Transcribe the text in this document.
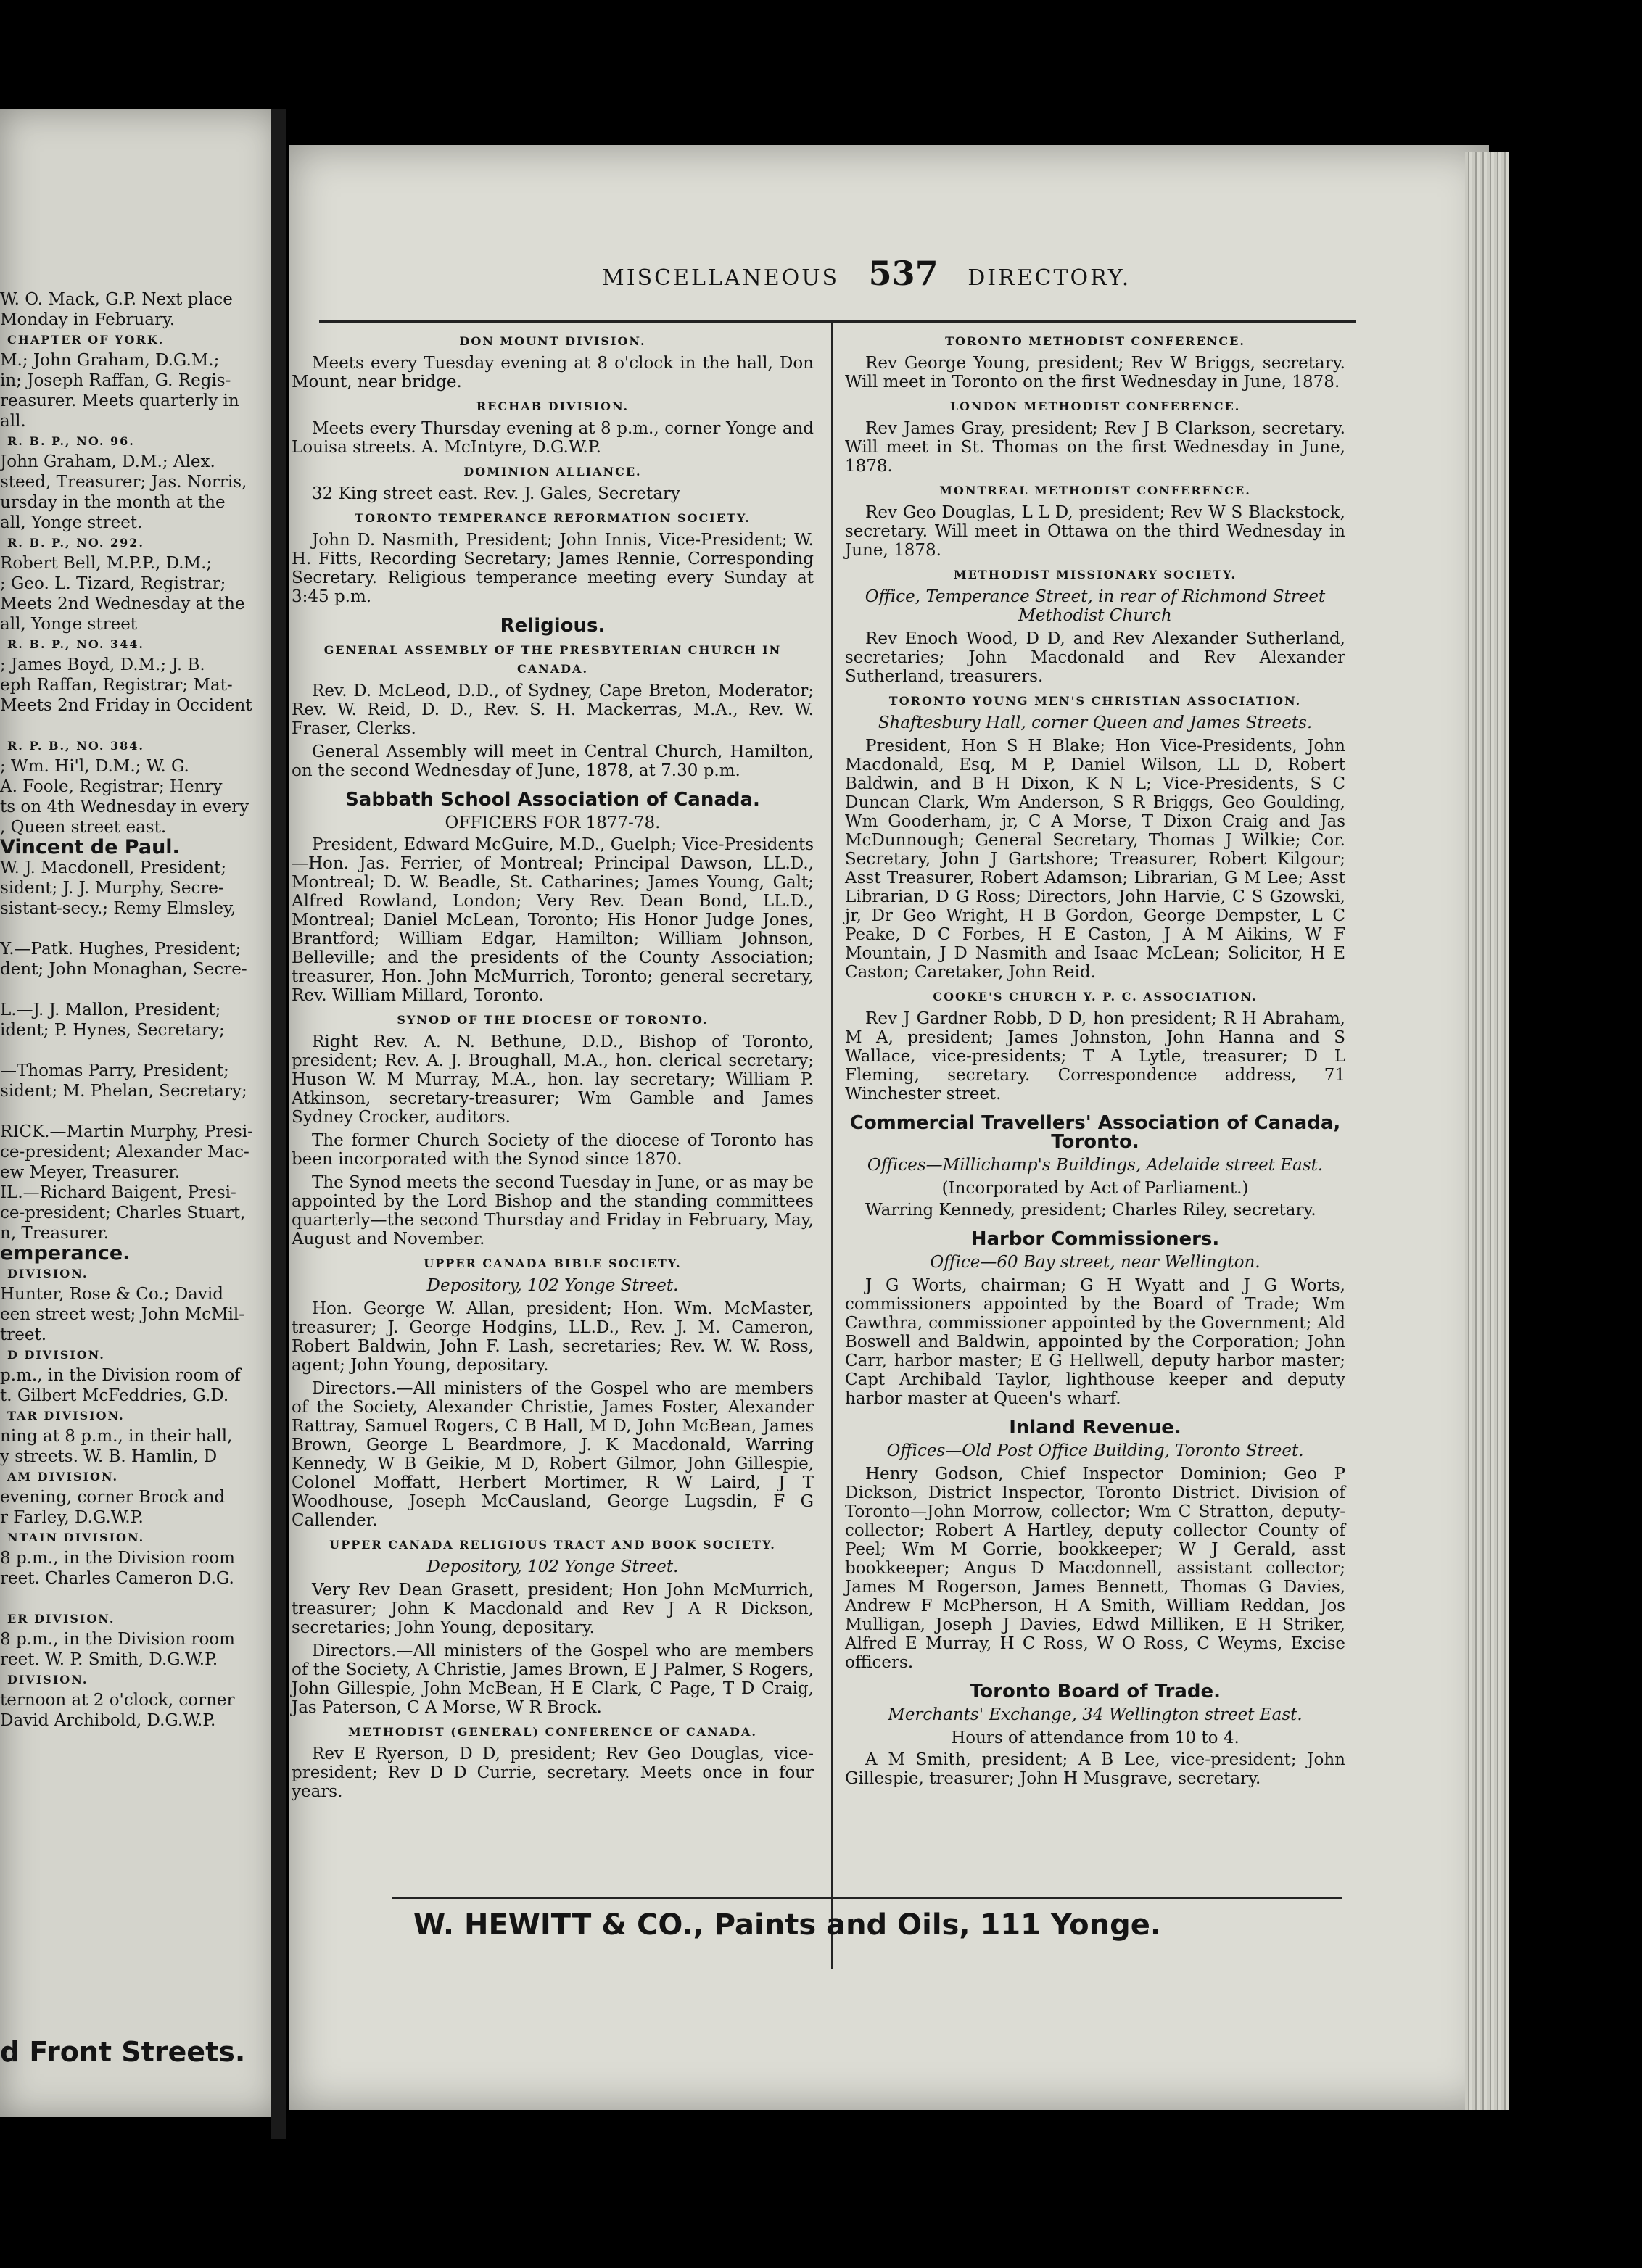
W. O. Mack, G.P. Next place
Monday in February.
CHAPTER OF YORK.
M.; John Graham, D.G.M.;
in; Joseph Raffan, G. Regis-
reasurer. Meets quarterly in
all.
R. B. P., NO. 96.
John Graham, D.M.; Alex.
steed, Treasurer; Jas. Norris,
ursday in the month at the
all, Yonge street.
R. B. P., NO. 292.
Robert Bell, M.P.P., D.M.;
; Geo. L. Tizard, Registrar;
Meets 2nd Wednesday at the
all, Yonge street
R. B. P., NO. 344.
; James Boyd, D.M.; J. B.
eph Raffan, Registrar; Mat-
Meets 2nd Friday in Occident

R. P. B., NO. 384.
; Wm. Hi'l, D.M.; W. G.
A. Foole, Registrar; Henry
ts on 4th Wednesday in every
, Queen street east.
Vincent de Paul.
W. J. Macdonell, President;
sident; J. J. Murphy, Secre-
sistant-secy.; Remy Elmsley,

Y.—Patk. Hughes, President;
dent; John Monaghan, Secre-

L.—J. J. Mallon, President;
ident; P. Hynes, Secretary;

—Thomas Parry, President;
sident; M. Phelan, Secretary;

RICK.—Martin Murphy, Presi-
ce-president; Alexander Mac-
ew Meyer, Treasurer.
IL.—Richard Baigent, Presi-
ce-president; Charles Stuart,
n, Treasurer.
emperance.
DIVISION.
Hunter, Rose & Co.; David
een street west; John McMil-
treet.
D DIVISION.
p.m., in the Division room of
t. Gilbert McFeddries, G.D.
TAR DIVISION.
ning at 8 p.m., in their hall,
y streets. W. B. Hamlin, D
AM DIVISION.
evening, corner Brock and
r Farley, D.G.W.P.
NTAIN DIVISION.
8 p.m., in the Division room
reet. Charles Cameron D.G.

ER DIVISION.
8 p.m., in the Division room
reet. W. P. Smith, D.G.W.P.
DIVISION.
ternoon at 2 o'clock, corner
David Archibold, D.G.W.P.
d Front Streets.
MISCELLANEOUS 537 DIRECTORY.
DON MOUNT DIVISION.

Meets every Tuesday evening at 8 o'clock in the hall, Don Mount, near bridge.

RECHAB DIVISION.

Meets every Thursday evening at 8 p.m., corner Yonge and Louisa streets. A. McIntyre, D.G.W.P.

DOMINION ALLIANCE.

32 King street east. Rev. J. Gales, Secretary

TORONTO TEMPERANCE REFORMATION SOCIETY.

John D. Nasmith, President; John Innis, Vice-President; W. H. Fitts, Recording Secretary; James Rennie, Corresponding Secretary. Religious temperance meeting every Sunday at 3:45 p.m.

Religious.
GENERAL ASSEMBLY OF THE PRESBYTERIAN CHURCH IN CANADA.

Rev. D. McLeod, D.D., of Sydney, Cape Breton, Moderator; Rev. W. Reid, D. D., Rev. S. H. Mackerras, M.A., Rev. W. Fraser, Clerks.

General Assembly will meet in Central Church, Hamilton, on the second Wednesday of June, 1878, at 7.30 p.m.

Sabbath School Association of Canada.
OFFICERS FOR 1877-78.

President, Edward McGuire, M.D., Guelph; Vice-Presidents—Hon. Jas. Ferrier, of Montreal; Principal Dawson, LL.D., Montreal; D. W. Beadle, St. Catharines; James Young, Galt; Alfred Rowland, London; Very Rev. Dean Bond, LL.D., Montreal; Daniel McLean, Toronto; His Honor Judge Jones, Brantford; William Edgar, Hamilton; William Johnson, Belleville; and the presidents of the County Association; treasurer, Hon. John McMurrich, Toronto; general secretary, Rev. William Millard, Toronto.

SYNOD OF THE DIOCESE OF TORONTO.

Right Rev. A. N. Bethune, D.D., Bishop of Toronto, president; Rev. A. J. Broughall, M.A., hon. clerical secretary; Huson W. M Murray, M.A., hon. lay secretary; William P. Atkinson, secretary-treasurer; Wm Gamble and James Sydney Crocker, auditors.

The former Church Society of the diocese of Toronto has been incorporated with the Synod since 1870.

The Synod meets the second Tuesday in June, or as may be appointed by the Lord Bishop and the standing committees quarterly—the second Thursday and Friday in February, May, August and November.

UPPER CANADA BIBLE SOCIETY.
Depository, 102 Yonge Street.

Hon. George W. Allan, president; Hon. Wm. McMaster, treasurer; J. George Hodgins, LL.D., Rev. J. M. Cameron, Robert Baldwin, John F. Lash, secretaries; Rev. W. W. Ross, agent; John Young, depositary.

Directors.—All ministers of the Gospel who are members of the Society, Alexander Christie, James Foster, Alexander Rattray, Samuel Rogers, C B Hall, M D, John McBean, James Brown, George L Beardmore, J. K Macdonald, Warring Kennedy, W B Geikie, M D, Robert Gilmor, John Gillespie, Colonel Moffatt, Herbert Mortimer, R W Laird, J T Woodhouse, Joseph McCausland, George Lugsdin, F G Callender.

UPPER CANADA RELIGIOUS TRACT AND BOOK SOCIETY.
Depository, 102 Yonge Street.

Very Rev Dean Grasett, president; Hon John McMurrich, treasurer; John K Macdonald and Rev J A R Dickson, secretaries; John Young, depositary.

Directors.—All ministers of the Gospel who are members of the Society, A Christie, James Brown, E J Palmer, S Rogers, John Gillespie, John McBean, H E Clark, C Page, T D Craig, Jas Paterson, C A Morse, W R Brock.

METHODIST (GENERAL) CONFERENCE OF CANADA.

Rev E Ryerson, D D, president; Rev Geo Douglas, vice-president; Rev D D Currie, secretary. Meets once in four years.

TORONTO METHODIST CONFERENCE.

Rev George Young, president; Rev W Briggs, secretary. Will meet in Toronto on the first Wednesday in June, 1878.

LONDON METHODIST CONFERENCE.

Rev James Gray, president; Rev J B Clarkson, secretary. Will meet in St. Thomas on the first Wednesday in June, 1878.

MONTREAL METHODIST CONFERENCE.

Rev Geo Douglas, L L D, president; Rev W S Blackstock, secretary. Will meet in Ottawa on the third Wednesday in June, 1878.

METHODIST MISSIONARY SOCIETY.
Office, Temperance Street, in rear of Richmond Street Methodist Church

Rev Enoch Wood, D D, and Rev Alexander Sutherland, secretaries; John Macdonald and Rev Alexander Sutherland, treasurers.

TORONTO YOUNG MEN'S CHRISTIAN ASSOCIATION.
Shaftesbury Hall, corner Queen and James Streets.

President, Hon S H Blake; Hon Vice-Presidents, John Macdonald, Esq, M P, Daniel Wilson, LL D, Robert Baldwin, and B H Dixon, K N L; Vice-Presidents, S C Duncan Clark, Wm Anderson, S R Briggs, Geo Goulding, Wm Gooderham, jr, C A Morse, T Dixon Craig and Jas McDunnough; General Secretary, Thomas J Wilkie; Cor. Secretary, John J Gartshore; Treasurer, Robert Kilgour; Asst Treasurer, Robert Adamson; Librarian, G M Lee; Asst Librarian, D G Ross; Directors, John Harvie, C S Gzowski, jr, Dr Geo Wright, H B Gordon, George Dempster, L C Peake, D C Forbes, H E Caston, J A M Aikins, W F Mountain, J D Nasmith and Isaac McLean; Solicitor, H E Caston; Caretaker, John Reid.

COOKE'S CHURCH Y. P. C. ASSOCIATION.

Rev J Gardner Robb, D D, hon president; R H Abraham, M A, president; James Johnston, John Hanna and S Wallace, vice-presidents; T A Lytle, treasurer; D L Fleming, secretary. Correspondence address, 71 Winchester street.

Commercial Travellers' Association of Canada, Toronto.
Offices—Millichamp's Buildings, Adelaide street East.
(Incorporated by Act of Parliament.)

Warring Kennedy, president; Charles Riley, secretary.

Harbor Commissioners.
Office—60 Bay street, near Wellington.

J G Worts, chairman; G H Wyatt and J G Worts, commissioners appointed by the Board of Trade; Wm Cawthra, commissioner appointed by the Government; Ald Boswell and Baldwin, appointed by the Corporation; John Carr, harbor master; E G Hellwell, deputy harbor master; Capt Archibald Taylor, lighthouse keeper and deputy harbor master at Queen's wharf.

Inland Revenue.
Offices—Old Post Office Building, Toronto Street.

Henry Godson, Chief Inspector Dominion; Geo P Dickson, District Inspector, Toronto District. Division of Toronto—John Morrow, collector; Wm C Stratton, deputy-collector; Robert A Hartley, deputy collector County of Peel; Wm M Gorrie, bookkeeper; W J Gerald, asst bookkeeper; Angus D Macdonnell, assistant collector; James M Rogerson, James Bennett, Thomas G Davies, Andrew F McPherson, H A Smith, William Reddan, Jos Mulligan, Joseph J Davies, Edwd Milliken, E H Striker, Alfred E Murray, H C Ross, W O Ross, C Weyms, Excise officers.

Toronto Board of Trade.
Merchants' Exchange, 34 Wellington street East.
Hours of attendance from 10 to 4.

A M Smith, president; A B Lee, vice-president; John Gillespie, treasurer; John H Musgrave, secretary.

W. HEWITT & CO., Paints and Oils, 111 Yonge.
